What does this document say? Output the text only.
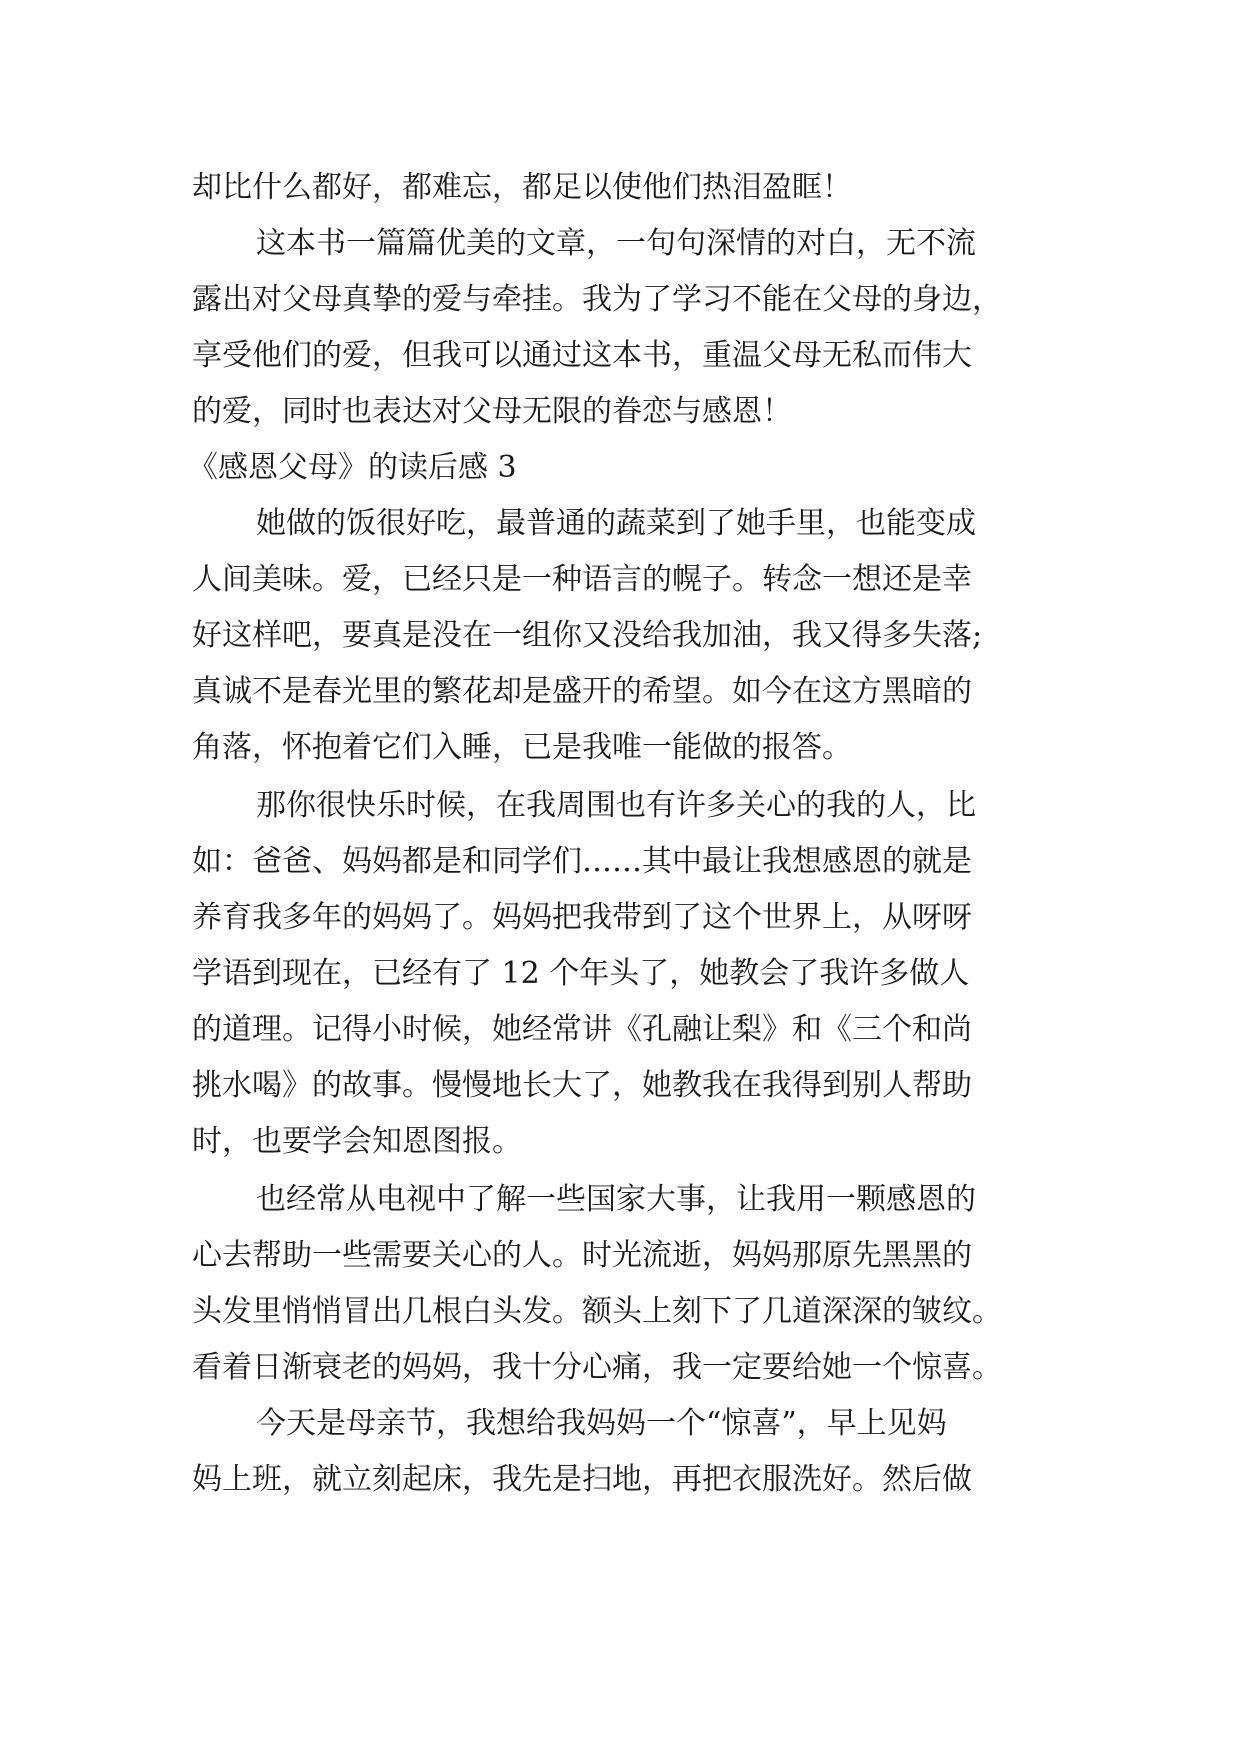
却比什么都好，都难忘，都足以使他们热泪盈眶！

这本书一篇篇优美的文章，一句句深情的对白，无不流

露出对父母真挚的爱与牵挂。我为了学习不能在父母的身边，

享受他们的爱，但我可以通过这本书，重温父母无私而伟大

的爱，同时也表达对父母无限的眷恋与感恩！

《感恩父母》的读后感 3

她做的饭很好吃，最普通的蔬菜到了她手里，也能变成

人间美味。爱，已经只是一种语言的幌子。转念一想还是幸

好这样吧，要真是没在一组你又没给我加油，我又得多失落;

真诚不是春光里的繁花却是盛开的希望。如今在这方黑暗的

角落，怀抱着它们入睡，已是我唯一能做的报答。

那你很快乐时候，在我周围也有许多关心的我的人，比

如：爸爸、妈妈都是和同学们……其中最让我想感恩的就是

养育我多年的妈妈了。妈妈把我带到了这个世界上，从呀呀

学语到现在，已经有了 12 个年头了，她教会了我许多做人

的道理。记得小时候，她经常讲《孔融让梨》和《三个和尚

挑水喝》的故事。慢慢地长大了，她教我在我得到别人帮助

时，也要学会知恩图报。

也经常从电视中了解一些国家大事，让我用一颗感恩的

心去帮助一些需要关心的人。时光流逝，妈妈那原先黑黑的

头发里悄悄冒出几根白头发。额头上刻下了几道深深的皱纹。

看着日渐衰老的妈妈，我十分心痛，我一定要给她一个惊喜。

今天是母亲节，我想给我妈妈一个“惊喜”，早上见妈

妈上班，就立刻起床，我先是扫地，再把衣服洗好。然后做
